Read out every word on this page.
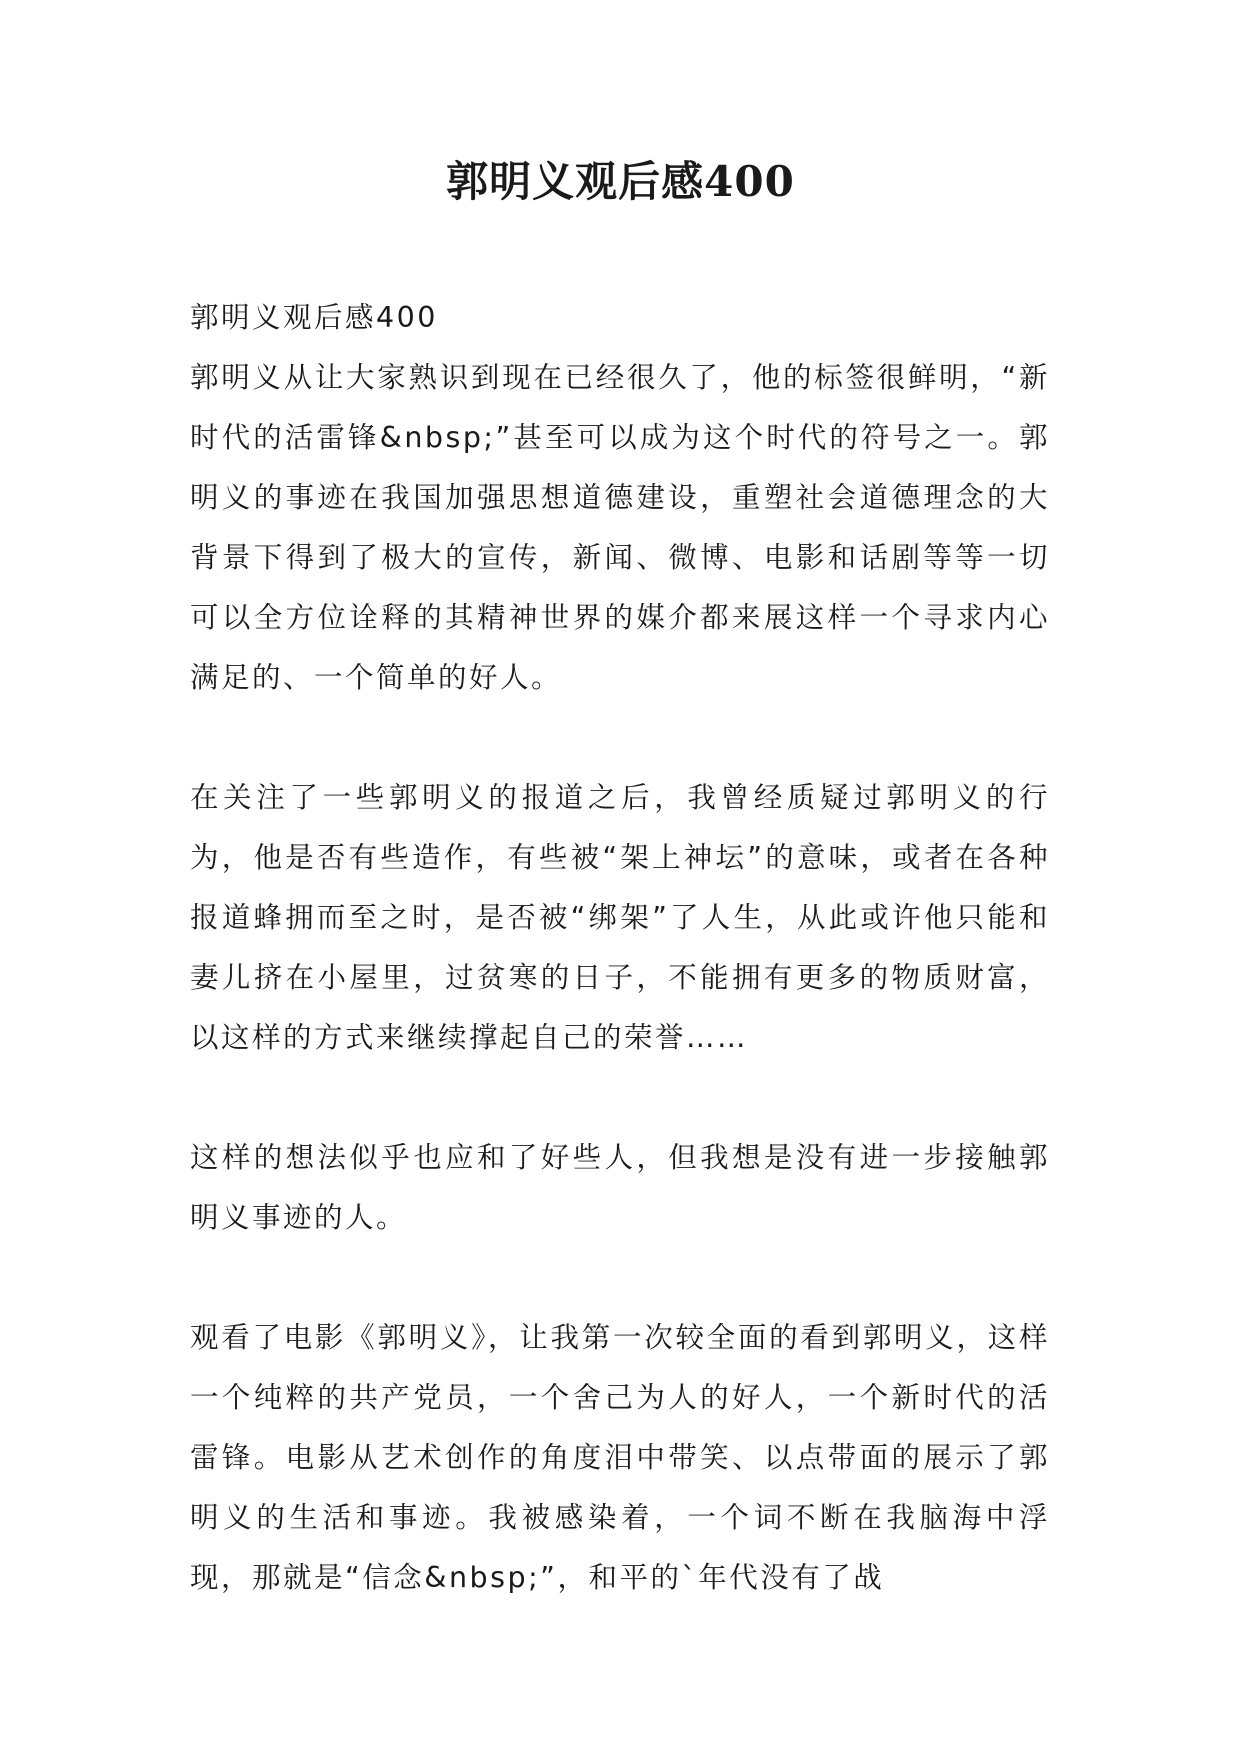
郭明义观后感400
郭明义观后感400

郭明义从让大家熟识到现在已经很久了，他的标签很鲜明，“新时代的活雷锋&nbsp;”甚至可以成为这个时代的符号之一。郭明义的事迹在我国加强思想道德建设，重塑社会道德理念的大背景下得到了极大的宣传，新闻、微博、电影和话剧等等一切可以全方位诠释的其精神世界的媒介都来展这样一个寻求内心满足的、一个简单的好人。

在关注了一些郭明义的报道之后，我曾经质疑过郭明义的行为，他是否有些造作，有些被“架上神坛”的意味，或者在各种报道蜂拥而至之时，是否被“绑架”了人生，从此或许他只能和妻儿挤在小屋里，过贫寒的日子，不能拥有更多的物质财富，以这样的方式来继续撑起自己的荣誉……

这样的想法似乎也应和了好些人，但我想是没有进一步接触郭明义事迹的人。

观看了电影《郭明义》，让我第一次较全面的看到郭明义，这样一个纯粹的共产党员，一个舍己为人的好人，一个新时代的活雷锋。电影从艺术创作的角度泪中带笑、以点带面的展示了郭明义的生活和事迹。我被感染着，一个词不断在我脑海中浮现，那就是“信念&nbsp;”，和平的`年代没有了战
